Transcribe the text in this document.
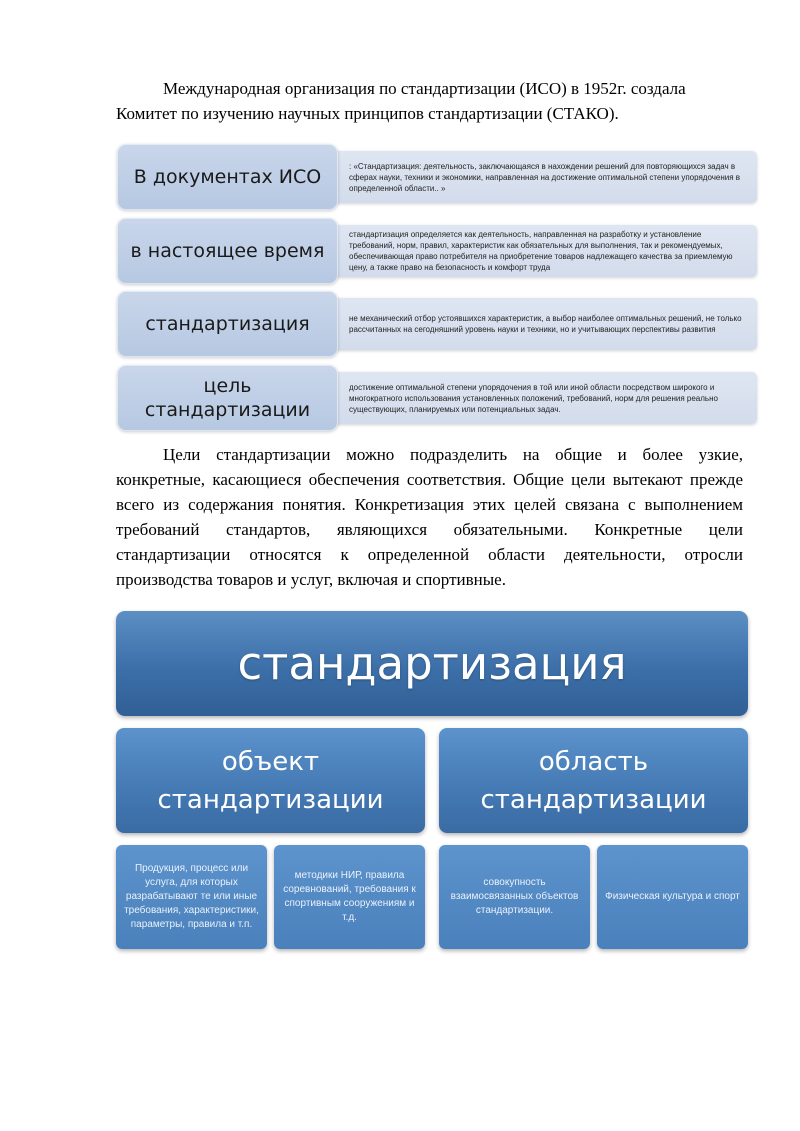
Международная организация по стандартизации (ИСО) в 1952г. создала Комитет по изучению научных принципов стандартизации (СТАКО).

: «Стандартизация: деятельность, заключающаяся в нахождении решений для повторяющихся задач в сферах науки, техники и экономики, направленная на достижение оптимальной степени упорядочения в определенной области.. »
В документах ИСО
стандартизация определяется как деятельность, направленная на разработку и установление требований, норм, правил, характеристик как обязательных для выполнения, так и рекомендуемых, обеспечивающая право потребителя на приобретение товаров надлежащего качества за приемлемую цену, а также право на безопасность и комфорт труда
в настоящее время
не механический отбор устоявшихся характеристик, а выбор наиболее оптимальных решений, не только рассчитанных на сегодняшний уровень науки и техники, но и учитывающих перспективы развития
стандартизация
достижение оптимальной степени упорядочения в той или иной области посредством широкого и многократного использования установленных положений, требований, норм для решения реально существующих, планируемых или потенциальных задач.
цель стандартизации

Цели стандартизации можно подразделить на общие и более узкие, конкретные, касающиеся обеспечения соответствия. Общие цели вытекают прежде всего из содержания понятия. Конкретизация этих целей связана с выполнением требований стандартов, являющихся обязательными. Конкретные цели стандартизации относятся к определенной области деятельности, отросли производства товаров и услуг, включая и спортивные.

стандартизация
объект стандартизации
область стандартизации
Продукция, процесс или услуга, для которых разрабатывают те или иные требования, характеристики, параметры, правила и т.п.
методики НИР, правила соревнований, требования к спортивным сооружениям и т.д.
совокупность взаимосвязанных объектов стандартизации.
Физическая культура и спорт
